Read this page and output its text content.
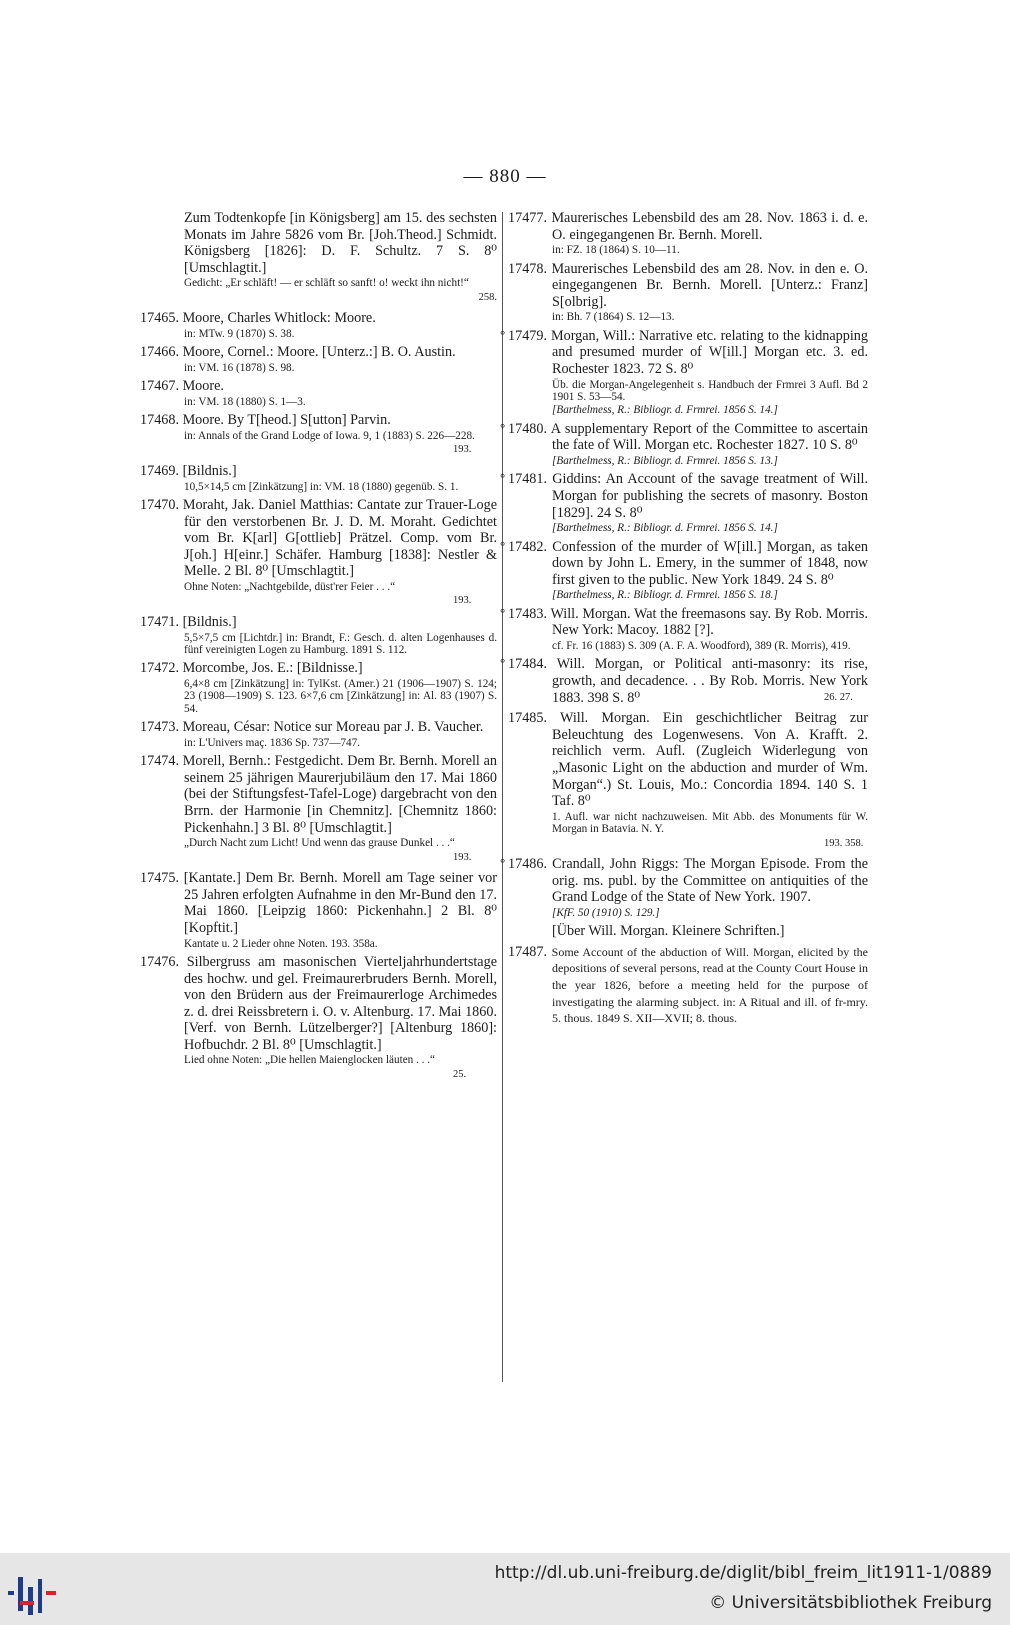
— 880 —
Zum Todtenkopfe [in Königsberg] am 15. des sechsten Monats im Jahre 5826 vom Br. [Joh.Theod.] Schmidt. Königsberg [1826]: D. F. Schultz. 7 S. 8⁰ [Umschlagtit.]
Gedicht: „Er schläft! — er schläft so sanft! o! weckt ihn nicht!“
258.
17465. Moore, Charles Whitlock: Moore.
in: MTw. 9 (1870) S. 38.
17466. Moore, Cornel.: Moore. [Unterz.:] B. O. Austin.
in: VM. 16 (1878) S. 98.
17467. Moore.
in: VM. 18 (1880) S. 1—3.
17468. Moore. By T[heod.] S[utton] Parvin.
in: Annals of the Grand Lodge of Iowa. 9, 1 (1883) S. 226—228.
193.
17469. [Bildnis.]
10,5×14,5 cm [Zinkätzung] in: VM. 18 (1880) gegenüb. S. 1.
17470. Moraht, Jak. Daniel Matthias: Cantate zur Trauer-Loge für den verstorbenen Br. J. D. M. Moraht. Gedichtet vom Br. K[arl] G[ottlieb] Prätzel. Comp. vom Br. J[oh.] H[einr.] Schäfer. Hamburg [1838]: Nestler & Melle. 2 Bl. 8⁰ [Umschlagtit.]
Ohne Noten: „Nachtgebilde, düst'rer Feier . . .“
193.
17471. [Bildnis.]
5,5×7,5 cm [Lichtdr.] in: Brandt, F.: Gesch. d. alten Logenhauses d. fünf vereinigten Logen zu Hamburg. 1891 S. 112.
17472. Morcombe, Jos. E.: [Bildnisse.]
6,4×8 cm [Zinkätzung] in: TylKst. (Amer.) 21 (1906—1907) S. 124; 23 (1908—1909) S. 123. 6×7,6 cm [Zinkätzung] in: Al. 83 (1907) S. 54.
17473. Moreau, César: Notice sur Moreau par J. B. Vaucher.
in: L'Univers maç. 1836 Sp. 737—747.
17474. Morell, Bernh.: Festgedicht. Dem Br. Bernh. Morell an seinem 25 jährigen Maurerjubiläum den 17. Mai 1860 (bei der Stiftungsfest-Tafel-Loge) dargebracht von den Brrn. der Harmonie [in Chemnitz]. [Chemnitz 1860: Pickenhahn.] 3 Bl. 8⁰ [Umschlagtit.]
„Durch Nacht zum Licht! Und wenn das grause Dunkel . . .“
193.
17475. [Kantate.] Dem Br. Bernh. Morell am Tage seiner vor 25 Jahren erfolgten Aufnahme in den Mr-Bund den 17. Mai 1860. [Leipzig 1860: Pickenhahn.] 2 Bl. 8⁰ [Kopftit.]
Kantate u. 2 Lieder ohne Noten. 193. 358a.
17476. Silbergruss am masonischen Vierteljahrhundertstage des hochw. und gel. Freimaurerbruders Bernh. Morell, von den Brüdern aus der Freimaurerloge Archimedes z. d. drei Reissbretern i. O. v. Altenburg. 17. Mai 1860. [Verf. von Bernh. Lützelberger?] [Altenburg 1860]: Hofbuchdr. 2 Bl. 8⁰ [Umschlagtit.]
Lied ohne Noten: „Die hellen Maienglocken läuten . . .“
25.
17477. Maurerisches Lebensbild des am 28. Nov. 1863 i. d. e. O. eingegangenen Br. Bernh. Morell.
in: FZ. 18 (1864) S. 10—11.
17478. Maurerisches Lebensbild des am 28. Nov. in den e. O. eingegangenen Br. Bernh. Morell. [Unterz.: Franz] S[olbrig].
in: Bh. 7 (1864) S. 12—13.
° 17479. Morgan, Will.: Narrative etc. relating to the kidnapping and presumed murder of W[ill.] Morgan etc. 3. ed. Rochester 1823. 72 S. 8⁰
Üb. die Morgan-Angelegenheit s. Handbuch der Frmrei 3 Aufl. Bd 2 1901 S. 53—54.
[Barthelmess, R.: Bibliogr. d. Frmrei. 1856 S. 14.]
° 17480. A supplementary Report of the Committee to ascertain the fate of Will. Morgan etc. Rochester 1827. 10 S. 8⁰
[Barthelmess, R.: Bibliogr. d. Frmrei. 1856 S. 13.]
° 17481. Giddins: An Account of the savage treatment of Will. Morgan for publishing the secrets of masonry. Boston [1829]. 24 S. 8⁰
[Barthelmess, R.: Bibliogr. d. Frmrei. 1856 S. 14.]
° 17482. Confession of the murder of W[ill.] Morgan, as taken down by John L. Emery, in the summer of 1848, now first given to the public. New York 1849. 24 S. 8⁰
[Barthelmess, R.: Bibliogr. d. Frmrei. 1856 S. 18.]
° 17483. Will. Morgan. Wat the freemasons say. By Rob. Morris. New York: Macoy. 1882 [?].
cf. Fr. 16 (1883) S. 309 (A. F. A. Woodford), 389 (R. Morris), 419.
° 17484. Will. Morgan, or Political anti-masonry: its rise, growth, and decadence. . . By Rob. Morris. New York 1883. 398 S. 8⁰	26. 27.
17485. Will. Morgan. Ein geschichtlicher Beitrag zur Beleuchtung des Logenwesens. Von A. Krafft. 2. reichlich verm. Aufl. (Zugleich Widerlegung von „Masonic Light on the abduction and murder of Wm. Morgan“.) St. Louis, Mo.: Concordia 1894. 140 S. 1 Taf. 8⁰
1. Aufl. war nicht nachzuweisen. Mit Abb. des Monuments für W. Morgan in Batavia. N. Y.
193. 358.
° 17486. Crandall, John Riggs: The Morgan Episode. From the orig. ms. publ. by the Committee on antiquities of the Grand Lodge of the State of New York. 1907.
[KfF. 50 (1910) S. 129.]
[Über Will. Morgan. Kleinere Schriften.]
17487. Some Account of the abduction of Will. Morgan, elicited by the depositions of several persons, read at the County Court House in the year 1826, before a meeting held for the purpose of investigating the alarming subject. in: A Ritual and ill. of fr-mry. 5. thous. 1849 S. XII—XVII; 8. thous.
http://dl.ub.uni-freiburg.de/diglit/bibl_freim_lit1911-1/0889
© Universitätsbibliothek Freiburg
